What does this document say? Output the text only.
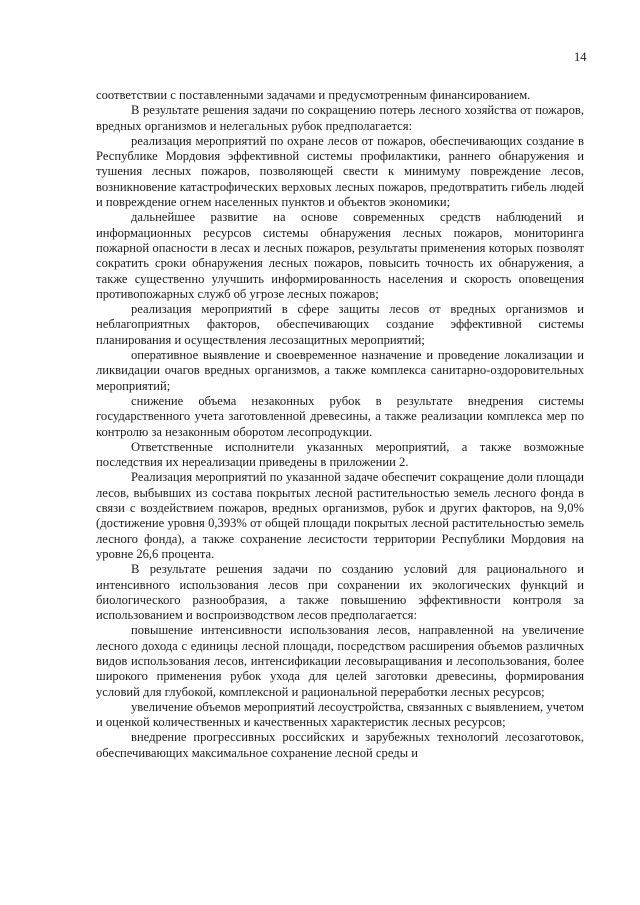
14

соответствии с поставленными задачами и предусмотренным финансированием.

В результате решения задачи по сокращению потерь лесного хозяйства от пожаров, вредных организмов и нелегальных рубок предполагается:

реализация мероприятий по охране лесов от пожаров, обеспечивающих создание в Республике Мордовия эффективной системы профилактики, раннего обнаружения и тушения лесных пожаров, позволяющей свести к минимуму повреждение лесов, возникновение катастрофических верховых лесных пожаров, предотвратить гибель людей и повреждение огнем населенных пунктов и объектов экономики;

дальнейшее развитие на основе современных средств наблюдений и информационных ресурсов системы обнаружения лесных пожаров, мониторинга пожарной опасности в лесах и лесных пожаров, результаты применения которых позволят сократить сроки обнаружения лесных пожаров, повысить точность их обнаружения, а также существенно улучшить информированность населения и скорость оповещения противопожарных служб об угрозе лесных пожаров;

реализация мероприятий в сфере защиты лесов от вредных организмов и неблагоприятных факторов, обеспечивающих создание эффективной системы планирования и осуществления лесозащитных мероприятий;

оперативное выявление и своевременное назначение и проведение локализации и ликвидации очагов вредных организмов, а также комплекса санитарно-оздоровительных мероприятий;

снижение объема незаконных рубок в результате внедрения системы государственного учета заготовленной древесины, а также реализации комплекса мер по контролю за незаконным оборотом лесопродукции.

Ответственные исполнители указанных мероприятий, а также возможные последствия их нереализации приведены в приложении 2.

Реализация мероприятий по указанной задаче обеспечит сокращение доли площади лесов, выбывших из состава покрытых лесной растительностью земель лесного фонда в связи с воздействием пожаров, вредных организмов, рубок и других факторов, на 9,0% (достижение уровня 0,393% от общей площади покрытых лесной растительностью земель лесного фонда), а также сохранение лесистости территории Республики Мордовия на уровне 26,6 процента.

В результате решения задачи по созданию условий для рационального и интенсивного использования лесов при сохранении их экологических функций и биологического разнообразия, а также повышению эффективности контроля за использованием и воспроизводством лесов предполагается:

повышение интенсивности использования лесов, направленной на увеличение лесного дохода с единицы лесной площади, посредством расширения объемов различных видов использования лесов, интенсификации лесовыращивания и лесопользования, более широкого применения рубок ухода для целей заготовки древесины, формирования условий для глубокой, комплексной и рациональной переработки лесных ресурсов;

увеличение объемов мероприятий лесоустройства, связанных с выявлением, учетом и оценкой количественных и качественных характеристик лесных ресурсов;

внедрение прогрессивных российских и зарубежных технологий лесозаготовок, обеспечивающих максимальное сохранение лесной среды и
